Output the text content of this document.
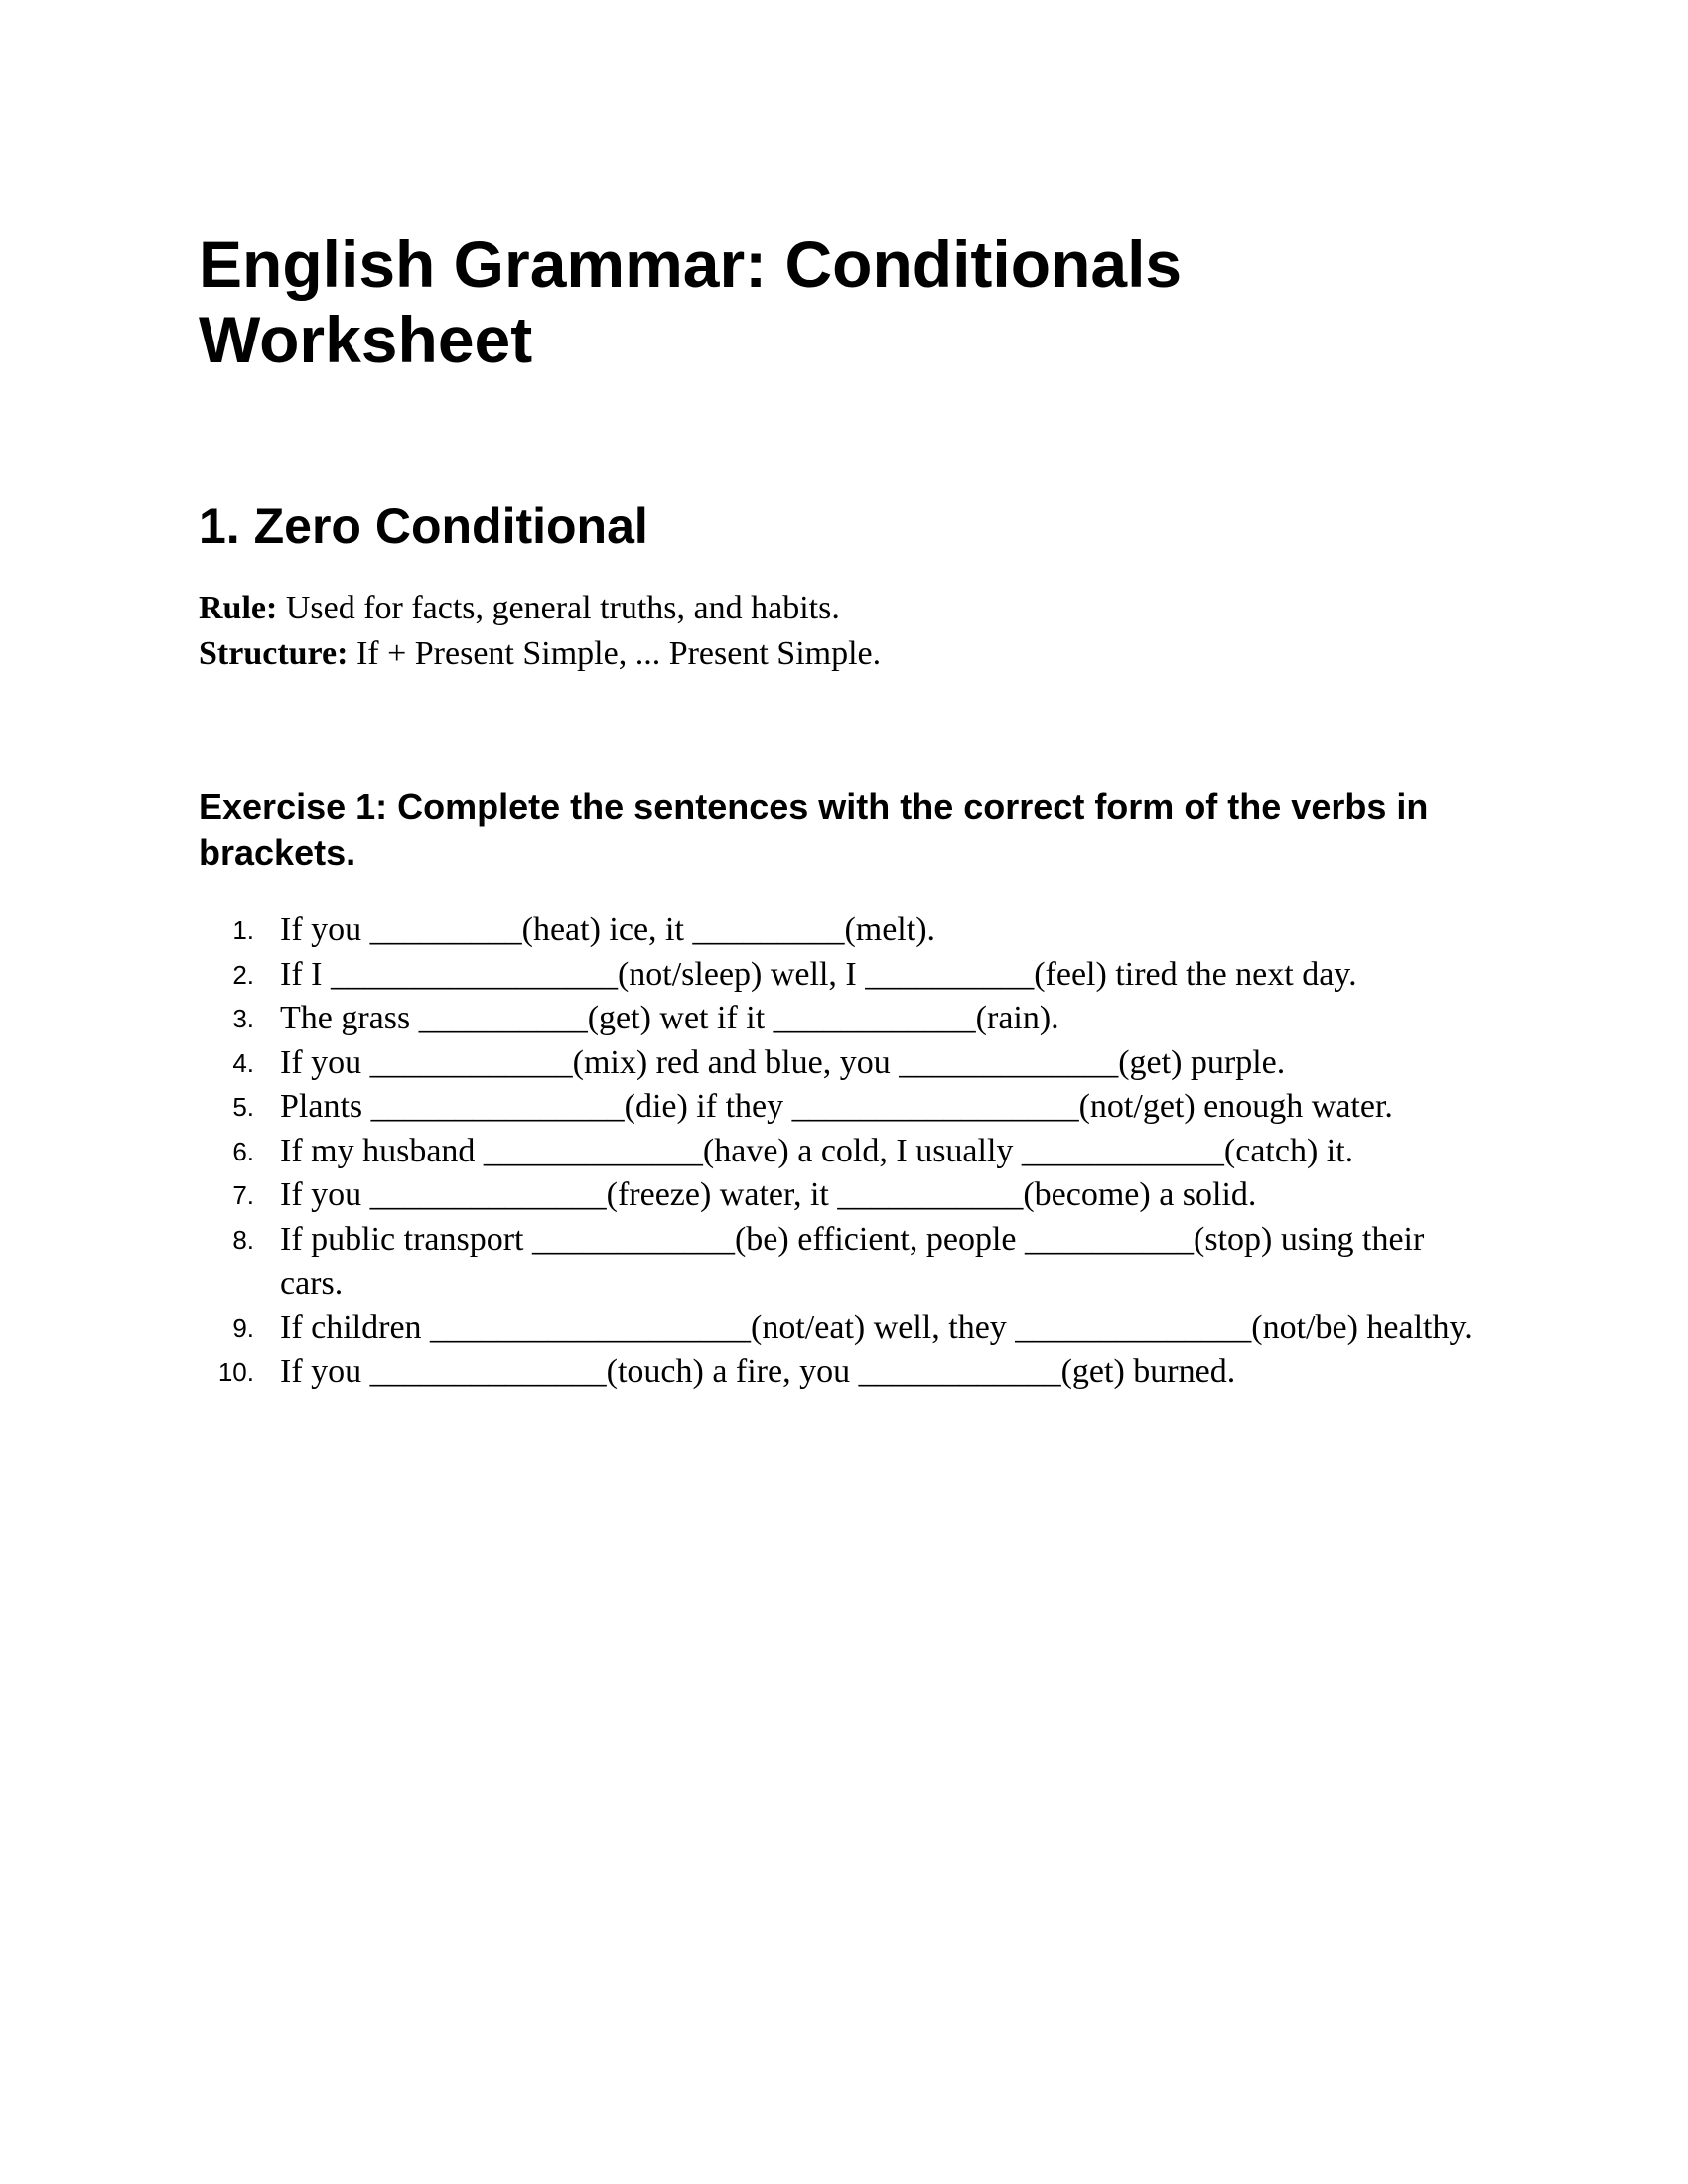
English Grammar: Conditionals Worksheet
1. Zero Conditional

Rule: Used for facts, general truths, and habits.

Structure: If + Present Simple, ... Present Simple.

Exercise 1: Complete the sentences with the correct form of the verbs in brackets.
1. If you _________(heat) ice, it _________(melt).
2. If I _________________(not/sleep) well, I __________(feel) tired the next day.
3. The grass __________(get) wet if it ____________(rain).
4. If you ____________(mix) red and blue, you _____________(get) purple.
5. Plants _______________(die) if they _________________(not/get) enough water.
6. If my husband _____________(have) a cold, I usually ____________(catch) it.
7. If you ______________(freeze) water, it ___________(become) a solid.
8. If public transport ____________(be) efficient, people __________(stop) using their cars.
9. If children ___________________(not/eat) well, they ______________(not/be) healthy.
10. If you ______________(touch) a fire, you ____________(get) burned.
